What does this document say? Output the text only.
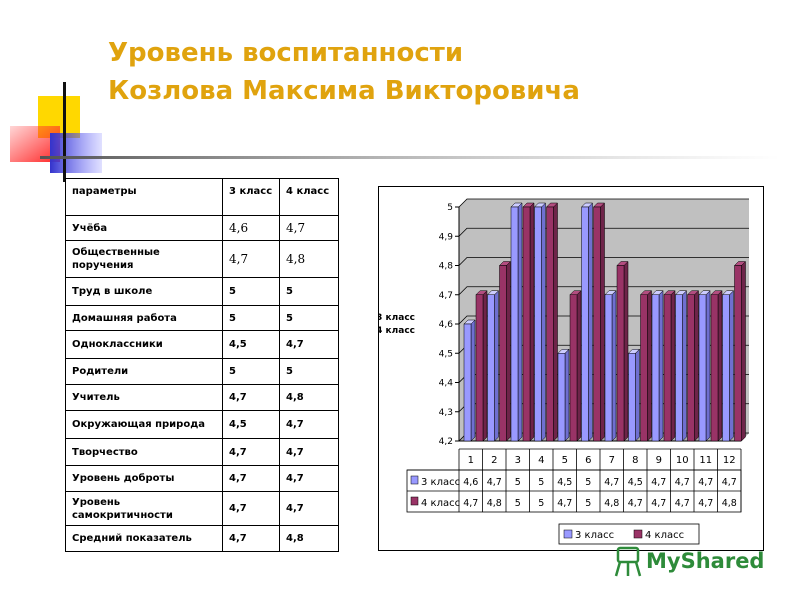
Уровень воспитанности
Козлова Максима Викторовича
параметры	3 класс	4 класс
Учёба	4,6	4,7
Общественные поручения	4,7	4,8
Труд в школе	5	5
Домашняя работа	5	5
Одноклассники	4,5	4,7
Родители	5	5
Учитель	4,7	4,8
Окружающая природа	4,5	4,7
Творчество	4,7	4,7
Уровень доброты	4,7	4,7
Уровень самокритичности	4,7	4,7
Средний показатель	4,7	4,8
4,2
4,3
4,4
4,5
4,6
4,7
4,8
4,9
5
1 2 3 4 5 6 7 8 9 10 11 12
3 класс 4,6 4,7 5 5 4,5 5 4,7 4,5 4,7 4,7 4,7 4,7
4 класс 4,7 4,8 5 5 4,7 5 4,8 4,7 4,7 4,7 4,7 4,8
3 класс
4 класс
3 класс	4 класс
MyShared
